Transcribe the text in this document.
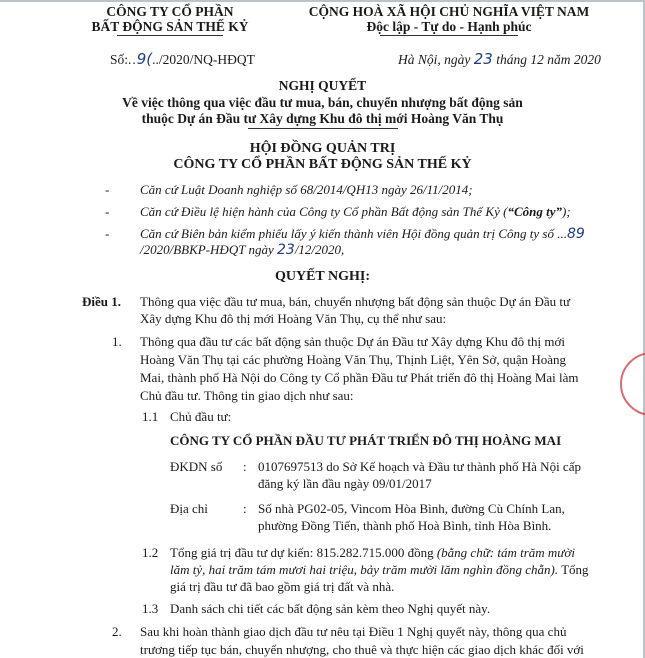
CÔNG TY CỔ PHẦN
BẤT ĐỘNG SẢN THẾ KỶ
CỘNG HOÀ XÃ HỘI CHỦ NGHĨA VIỆT NAM
Độc lập - Tự do - Hạnh phúc
Số:..9(../2020/NQ-HĐQT	Hà Nội, ngày 23 tháng 12 năm 2020
NGHỊ QUYẾT
Về việc thông qua việc đầu tư mua, bán, chuyển nhượng bất động sản
thuộc Dự án Đầu tư Xây dựng Khu đô thị mới Hoàng Văn Thụ
HỘI ĐỒNG QUẢN TRỊ
CÔNG TY CỔ PHẦN BẤT ĐỘNG SẢN THẾ KỶ
- Căn cứ Luật Doanh nghiệp số 68/2014/QH13 ngày 26/11/2014;
- Căn cứ Điều lệ hiện hành của Công ty Cổ phần Bất động sản Thế Kỷ (“Công ty”);
- Căn cứ Biên bản kiểm phiếu lấy ý kiến thành viên Hội đồng quản trị Công ty số ...89
/2020/BBKP-HĐQT ngày 23/12/2020,
QUYẾT NGHỊ:
Điều 1. Thông qua việc đầu tư mua, bán, chuyển nhượng bất động sản thuộc Dự án Đầu tư
Xây dựng Khu đô thị mới Hoàng Văn Thụ, cụ thể như sau:
1. Thông qua đầu tư các bất động sản thuộc Dự án Đầu tư Xây dựng Khu đô thị mới
Hoàng Văn Thụ tại các phường Hoàng Văn Thụ, Thịnh Liệt, Yên Sở, quận Hoàng
Mai, thành phố Hà Nội do Công ty Cổ phần Đầu tư Phát triển đô thị Hoàng Mai làm
Chủ đầu tư. Thông tin giao dịch như sau:
1.1 Chủ đầu tư:
CÔNG TY CỔ PHẦN ĐẦU TƯ PHÁT TRIỂN ĐÔ THỊ HOÀNG MAI
ĐKDN số : 0107697513 do Sở Kế hoạch và Đầu tư thành phố Hà Nội cấp
đăng ký lần đầu ngày 09/01/2017
Địa chỉ	: Số nhà PG02-05, Vincom Hòa Bình, đường Cù Chính Lan,
phường Đồng Tiến, thành phố Hoà Bình, tỉnh Hòa Bình.
1.2 Tổng giá trị đầu tư dự kiến: 815.282.715.000 đồng (bằng chữ: tám trăm mười
lăm tỷ, hai trăm tám mươi hai triệu, bảy trăm mười lăm nghìn đồng chẵn). Tổng
giá trị đầu tư đã bao gồm giá trị đất và nhà.
1.3 Danh sách chi tiết các bất động sản kèm theo Nghị quyết này.
2. Sau khi hoàn thành giao dịch đầu tư nêu tại Điều 1 Nghị quyết này, thông qua chủ
trương tiếp tục bán, chuyển nhượng, cho thuê và thực hiện các giao dịch khác đối với
